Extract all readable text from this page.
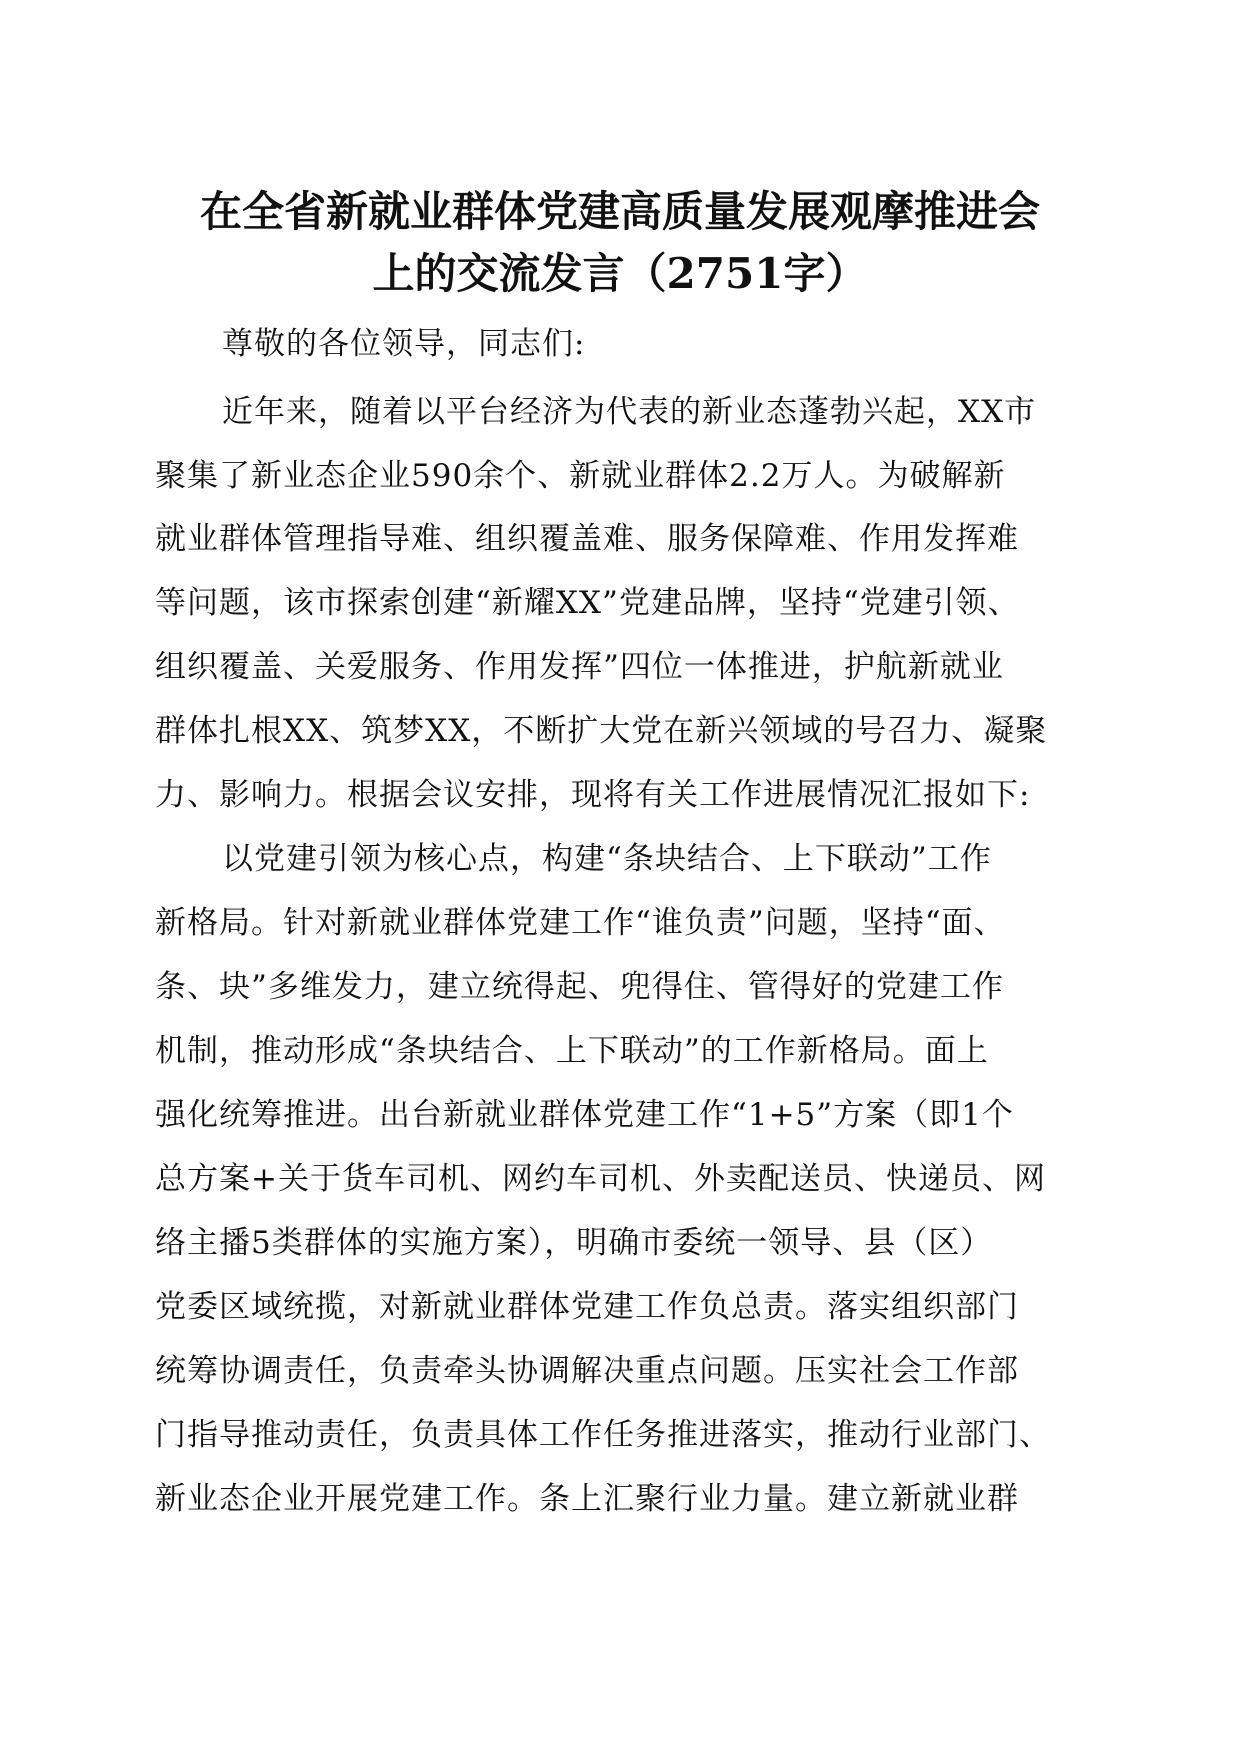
在全省新就业群体党建高质量发展观摩推进会
上的交流发言（2751字）

尊敬的各位领导，同志们:

近年来，随着以平台经济为代表的新业态蓬勃兴起，XX市

聚集了新业态企业590余个、新就业群体2.2万人。为破解新

就业群体管理指导难、组织覆盖难、服务保障难、作用发挥难

等问题，该市探索创建“新耀XX”党建品牌，坚持“党建引领、

组织覆盖、关爱服务、作用发挥”四位一体推进，护航新就业

群体扎根XX、筑梦XX，不断扩大党在新兴领域的号召力、凝聚

力、影响力。根据会议安排，现将有关工作进展情况汇报如下:

以党建引领为核心点，构建“条块结合、上下联动”工作

新格局。针对新就业群体党建工作“谁负责”问题，坚持“面、

条、块”多维发力，建立统得起、兜得住、管得好的党建工作

机制，推动形成“条块结合、上下联动”的工作新格局。面上

强化统筹推进。出台新就业群体党建工作“1+5”方案（即1个

总方案+关于货车司机、网约车司机、外卖配送员、快递员、网

络主播5类群体的实施方案），明确市委统一领导、县（区）

党委区域统揽，对新就业群体党建工作负总责。落实组织部门

统筹协调责任，负责牵头协调解决重点问题。压实社会工作部

门指导推动责任，负责具体工作任务推进落实，推动行业部门、

新业态企业开展党建工作。条上汇聚行业力量。建立新就业群
